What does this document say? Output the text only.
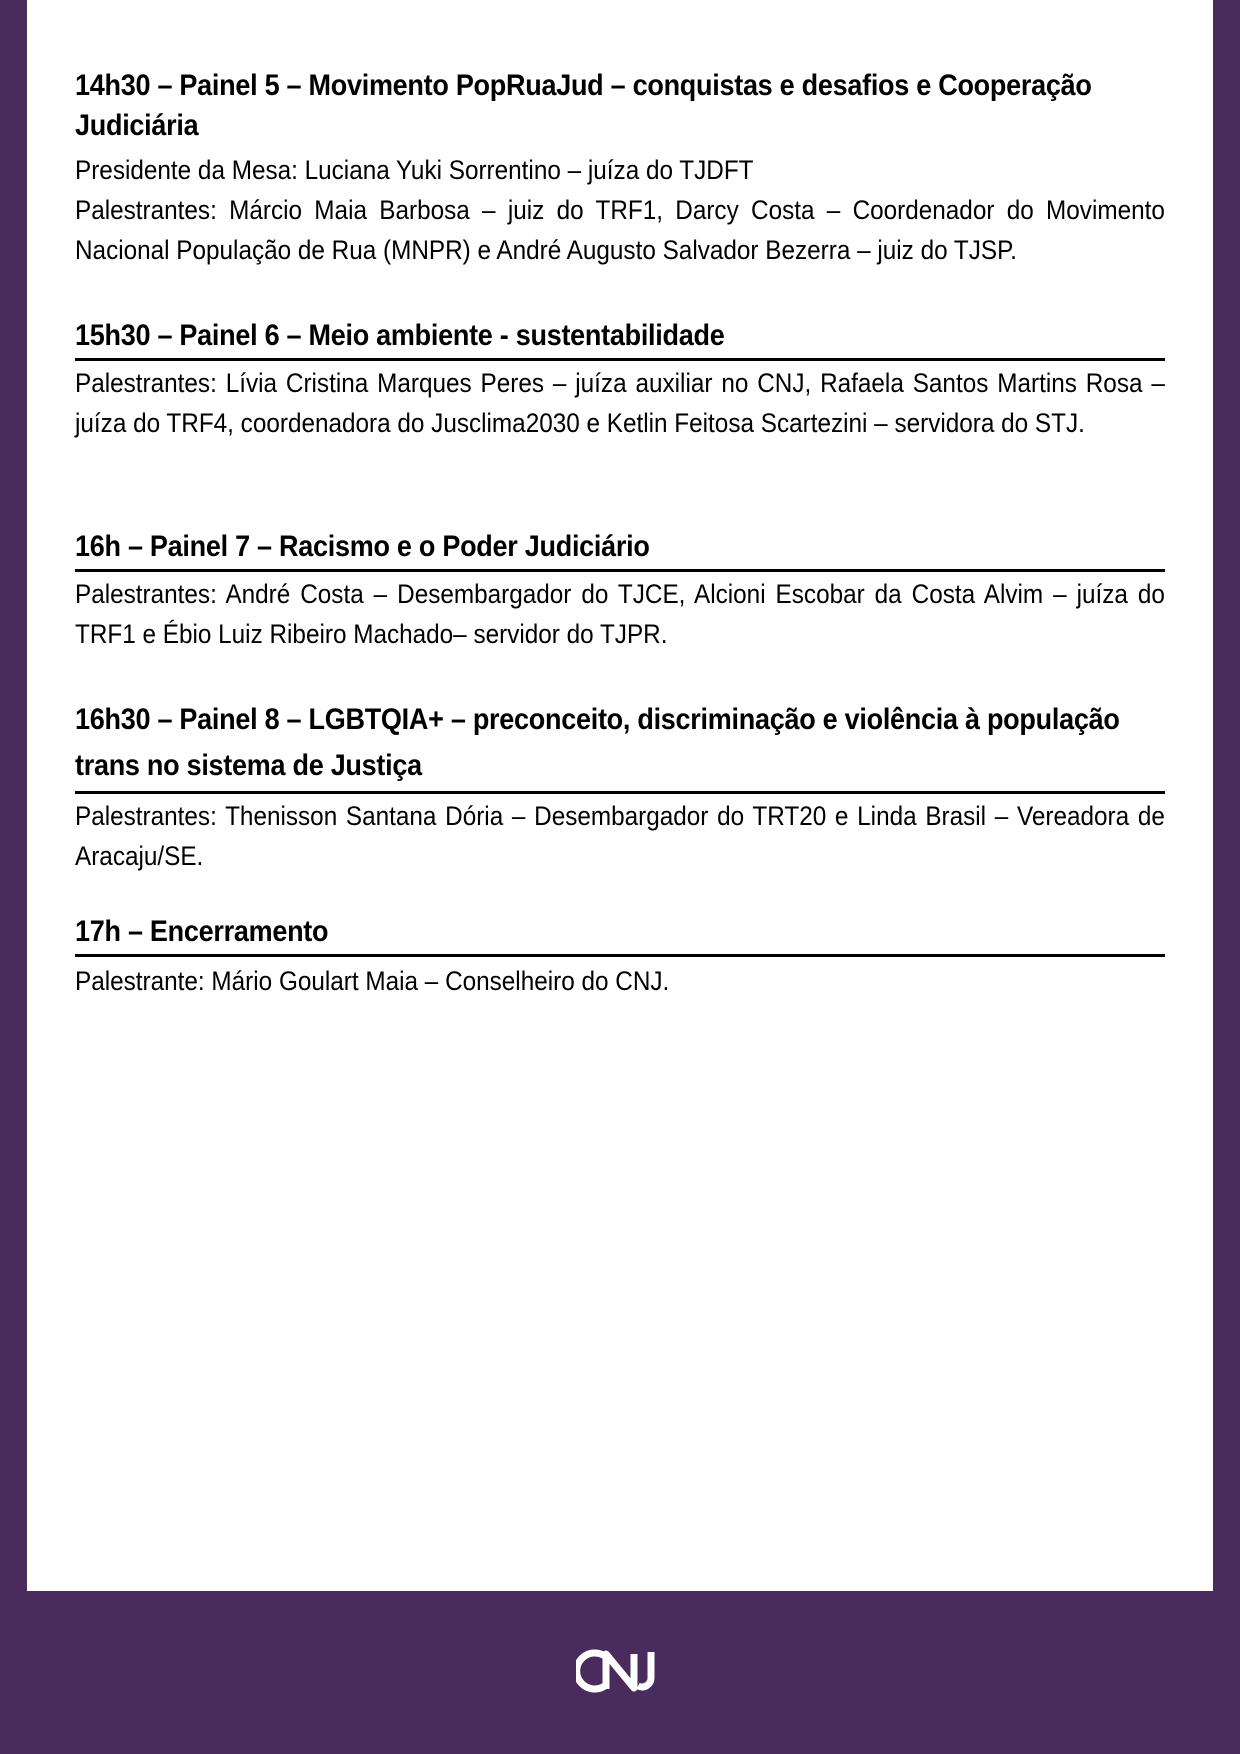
14h30 – Painel 5 – Movimento PopRuaJud – conquistas e desafios e Cooperação Judiciária

Presidente da Mesa: Luciana Yuki Sorrentino – juíza do TJDFT

Palestrantes: Márcio Maia Barbosa – juiz do TRF1, Darcy Costa – Coordenador do Movimento Nacional População de Rua (MNPR) e André Augusto Salvador Bezerra – juiz do TJSP.

15h30 – Painel 6 – Meio ambiente - sustentabilidade

Palestrantes: Lívia Cristina Marques Peres – juíza auxiliar no CNJ, Rafaela Santos Martins Rosa – juíza do TRF4, coordenadora do Jusclima2030 e Ketlin Feitosa Scartezini – servidora do STJ.

16h – Painel 7 – Racismo e o Poder Judiciário

Palestrantes: André Costa – Desembargador do TJCE, Alcioni Escobar da Costa Alvim – juíza do TRF1 e Ébio Luiz Ribeiro Machado– servidor do TJPR.

16h30 – Painel 8 – LGBTQIA+ – preconceito, discriminação e violência à população trans no sistema de Justiça

Palestrantes: Thenisson Santana Dória – Desembargador do TRT20 e Linda Brasil – Vereadora de Aracaju/SE.

17h – Encerramento

Palestrante: Mário Goulart Maia – Conselheiro do CNJ.
